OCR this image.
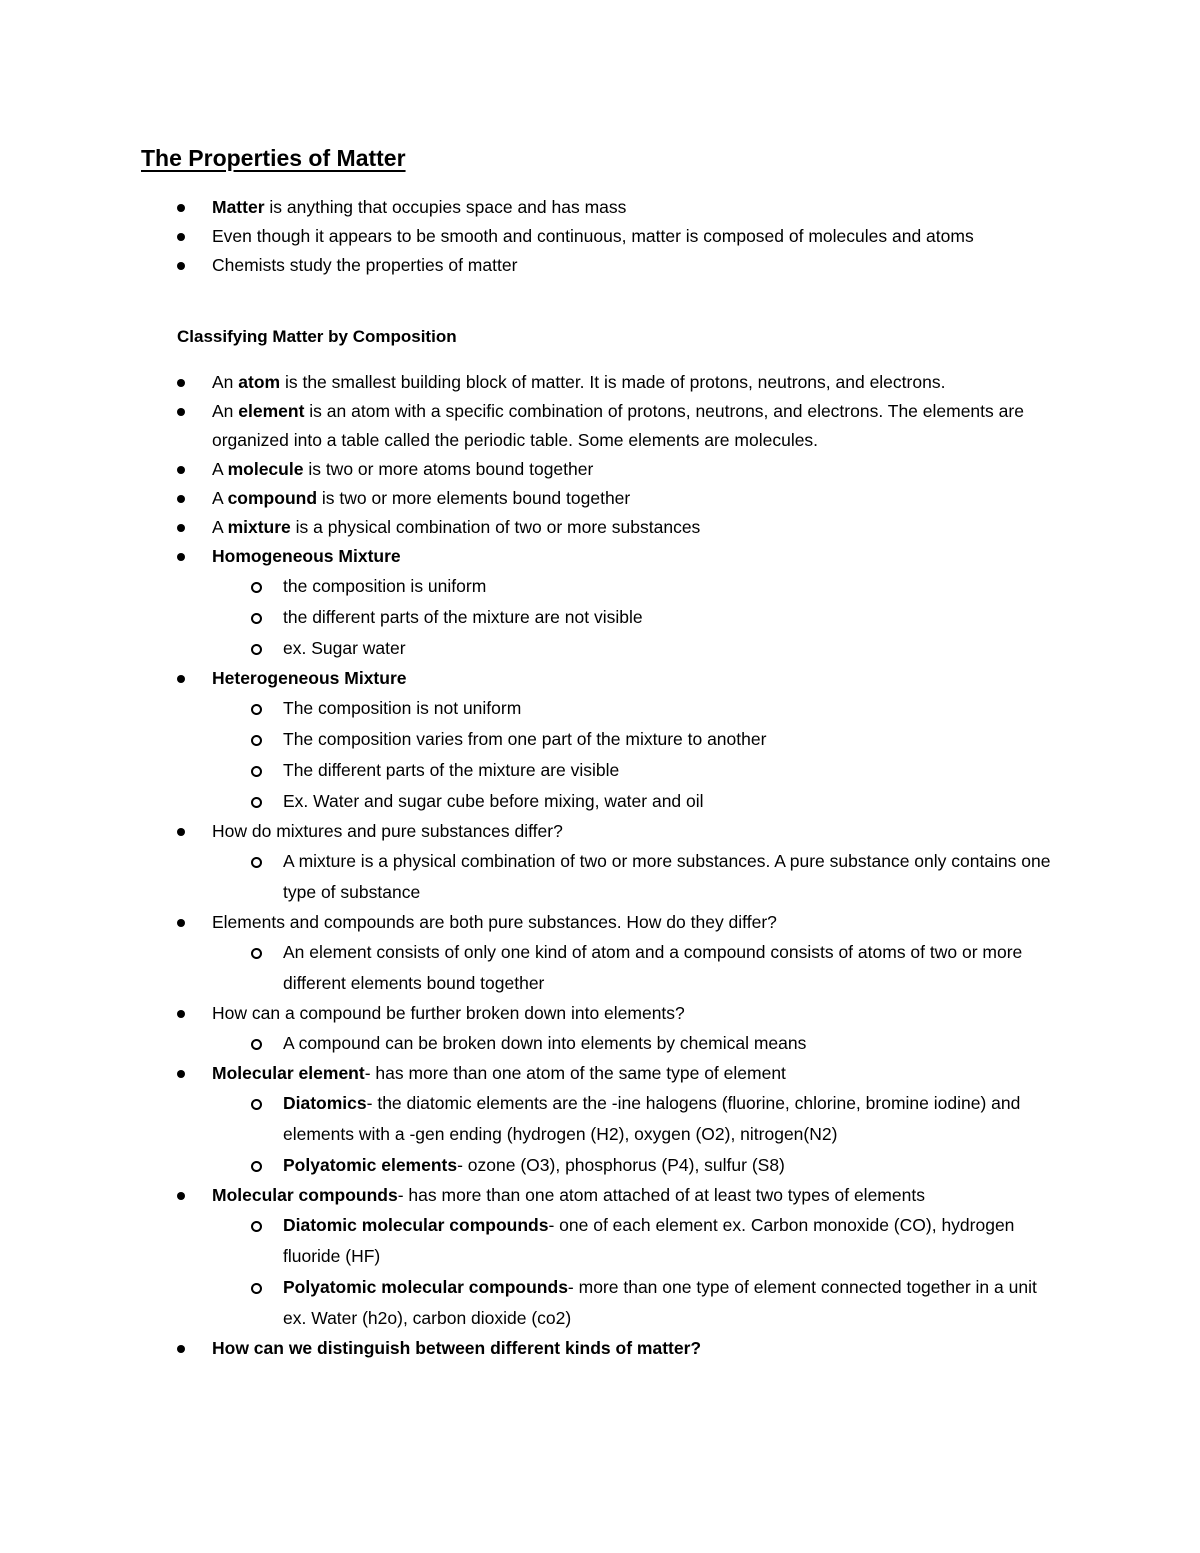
The Properties of Matter
Matter is anything that occupies space and has mass
Even though it appears to be smooth and continuous, matter is composed of molecules and atoms
Chemists study the properties of matter
Classifying Matter by Composition
An atom is the smallest building block of matter. It is made of protons, neutrons, and electrons.
An element is an atom with a specific combination of protons, neutrons, and electrons. The elements are organized into a table called the periodic table. Some elements are molecules.
A molecule is two or more atoms bound together
A compound is two or more elements bound together
A mixture is a physical combination of two or more substances
Homogeneous Mixture
the composition is uniform
the different parts of the mixture are not visible
ex. Sugar water
Heterogeneous Mixture
The composition is not uniform
The composition varies from one part of the mixture to another
The different parts of the mixture are visible
Ex. Water and sugar cube before mixing, water and oil
How do mixtures and pure substances differ?
A mixture is a physical combination of two or more substances. A pure substance only contains one type of substance
Elements and compounds are both pure substances. How do they differ?
An element consists of only one kind of atom and a compound consists of atoms of two or more different elements bound together
How can a compound be further broken down into elements?
A compound can be broken down into elements by chemical means
Molecular element- has more than one atom of the same type of element
Diatomics- the diatomic elements are the -ine halogens (fluorine, chlorine, bromine iodine) and elements with a -gen ending (hydrogen (H2), oxygen (O2), nitrogen(N2)
Polyatomic elements- ozone (O3), phosphorus (P4), sulfur (S8)
Molecular compounds- has more than one atom attached of at least two types of elements
Diatomic molecular compounds- one of each element ex. Carbon monoxide (CO), hydrogen fluoride (HF)
Polyatomic molecular compounds- more than one type of element connected together in a unit ex. Water (h2o), carbon dioxide (co2)
How can we distinguish between different kinds of matter?
